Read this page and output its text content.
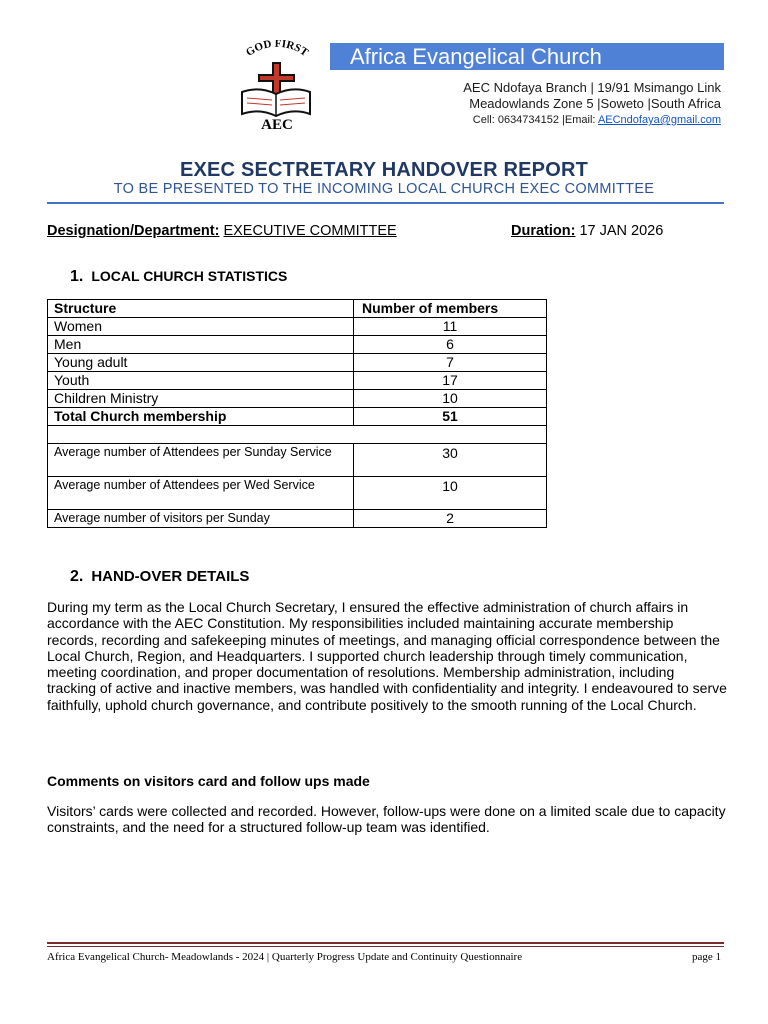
GOD FIRST
AEC
Africa Evangelical Church
AEC Ndofaya Branch | 19/91 Msimango Link
Meadowlands Zone 5 |Soweto |South Africa
Cell: 0634734152 |Email: AECndofaya@gmail.com
EXEC SECTRETARY HANDOVER REPORT
TO BE PRESENTED TO THE INCOMING LOCAL CHURCH EXEC COMMITTEE
Designation/Department: EXECUTIVE COMMITTEE	Duration: 17 JAN 2026
1. LOCAL CHURCH STATISTICS
Structure	Number of members
Women	11
Men	6
Young adult	7
Youth	17
Children Ministry	10
Total Church membership	51

Average number of Attendees per Sunday Service	30
Average number of Attendees per Wed Service	10
Average number of visitors per Sunday	2
2. HAND-OVER DETAILS
During my term as the Local Church Secretary, I ensured the effective administration of church affairs in accordance with the AEC Constitution. My responsibilities included maintaining accurate membership records, recording and safekeeping minutes of meetings, and managing official correspondence between the Local Church, Region, and Headquarters. I supported church leadership through timely communication, meeting coordination, and proper documentation of resolutions. Membership administration, including tracking of active and inactive members, was handled with confidentiality and integrity. I endeavoured to serve faithfully, uphold church governance, and contribute positively to the smooth running of the Local Church.
Comments on visitors card and follow ups made
Visitors’ cards were collected and recorded. However, follow-ups were done on a limited scale due to capacity constraints, and the need for a structured follow-up team was identified.
Africa Evangelical Church- Meadowlands - 2024 | Quarterly Progress Update and Continuity Questionnaire	page 1
